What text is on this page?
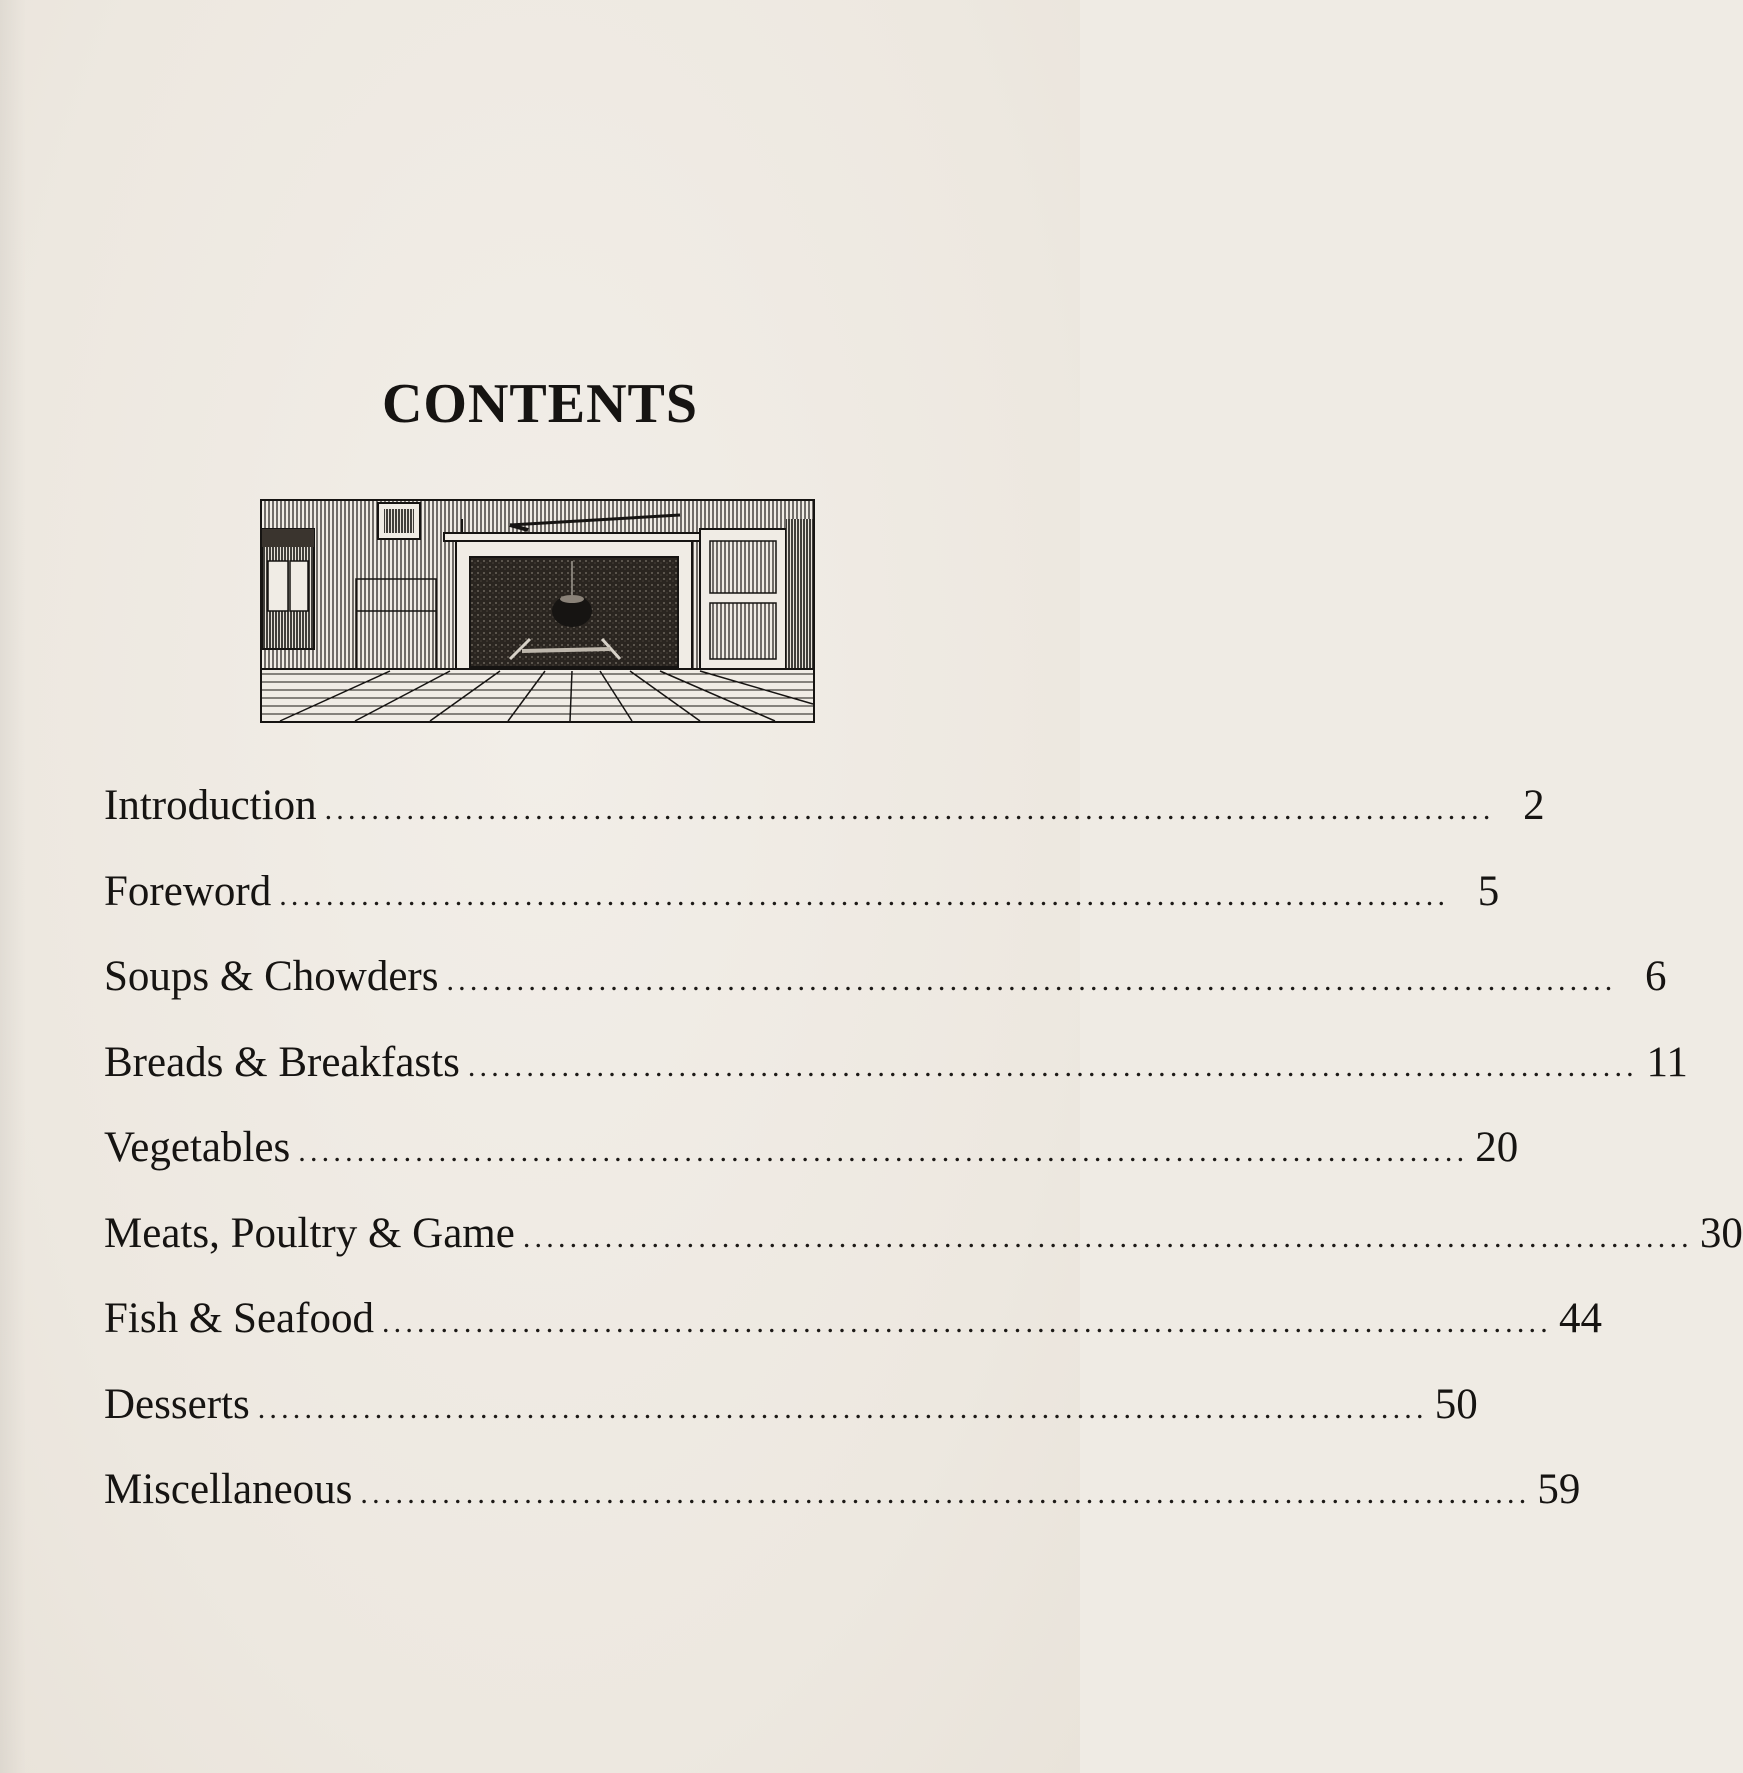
CONTENTS
Introduction .................................................................................................... 2
Foreword .................................................................................................... 5
Soups & Chowders .................................................................................................... 6
Breads & Breakfasts .................................................................................................... 11
Vegetables .................................................................................................... 20
Meats, Poultry & Game .................................................................................................... 30
Fish & Seafood .................................................................................................... 44
Desserts .................................................................................................... 50
Miscellaneous .................................................................................................... 59
